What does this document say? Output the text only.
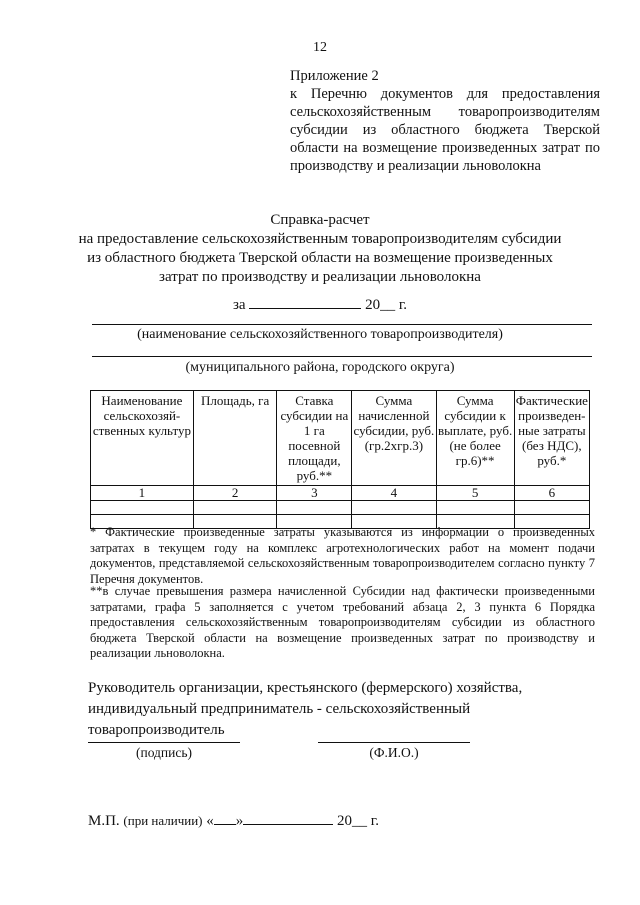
12
Приложение 2
к Перечню документов для предоставления сельскохозяйственным товаропроизводителям субсидии из областного бюджета Тверской области на возмещение произведенных затрат по производству и реализации льноволокна
Справка-расчет
на предоставление сельскохозяйственным товаропроизводителям субсидии
из областного бюджета Тверской области на возмещение произведенных
затрат по производству и реализации льноволокна
за	20__ г.
(наименование сельскохозяйственного товаропроизводителя)
(муниципального района, городского округа)
Наименование сельскохозяй-ственных культур	Площадь, га	Ставка субсидии на 1 га посевной площади, руб.**	Сумма начисленной субсидии, руб. (гр.2хгр.3)	Сумма субсидии к выплате, руб. (не более гр.6)**	Фактические произведен-ные затраты (без НДС), руб.*
1	2	3	4	5	6

* Фактические произведенные затраты указываются из информации о произведенных затратах в текущем году на комплекс агротехнологических работ на момент подачи документов, представляемой сельскохозяйственным товаропроизводителем согласно пункту 7 Перечня документов.
**в случае превышения размера начисленной Субсидии над фактически произведенными затратами, графа 5 заполняется с учетом требований абзаца 2, 3 пункта 6 Порядка предоставления сельскохозяйственным товаропроизводителям субсидии из областного бюджета Тверской области на возмещение произведенных затрат по производству и реализации льноволокна.
Руководитель организации, крестьянского (фермерского) хозяйства, индивидуальный предприниматель - сельскохозяйственный товаропроизводитель
(подпись)	(Ф.И.О.)
М.П. (при наличии) « »	20__ г.
